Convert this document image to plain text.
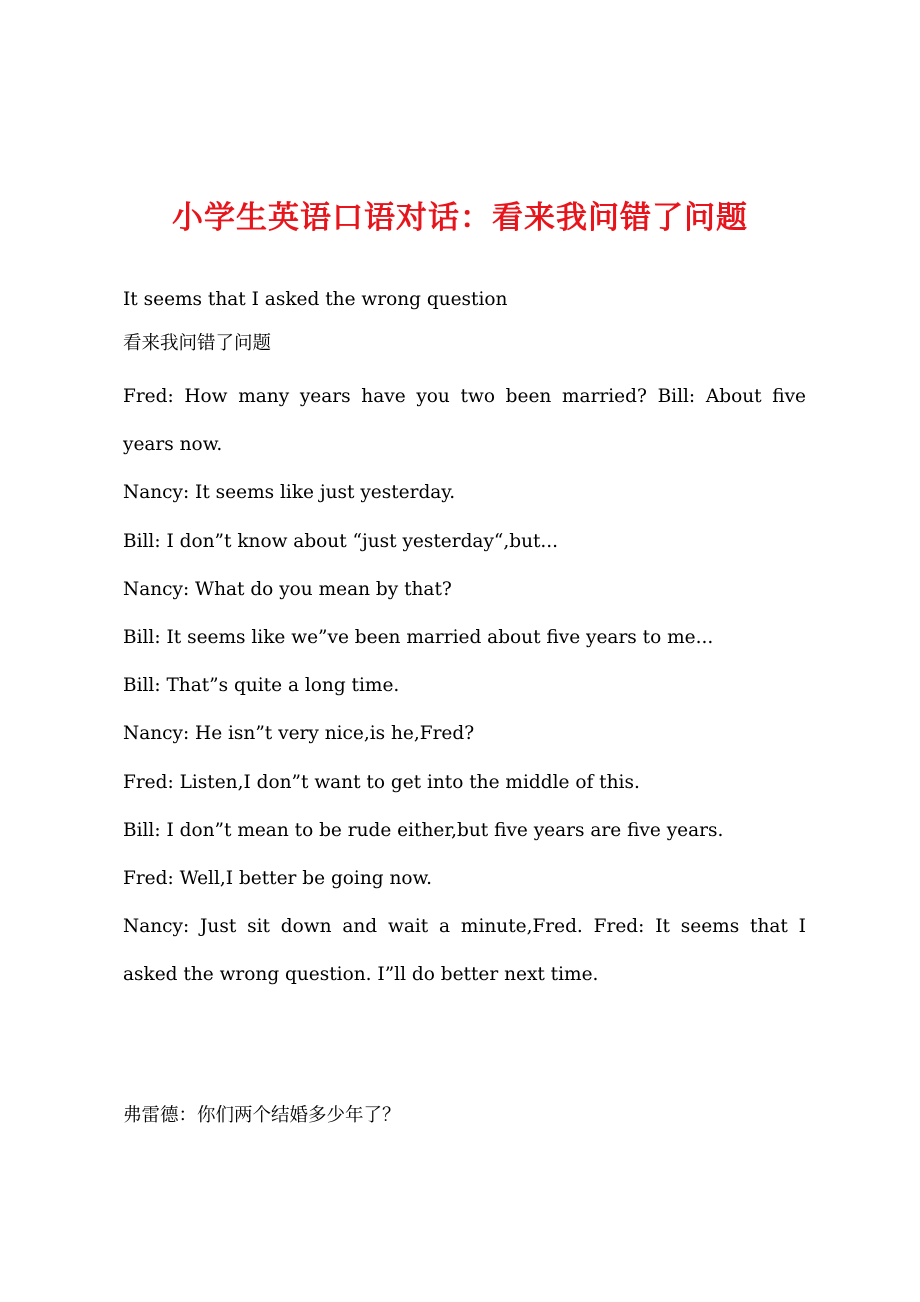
小学生英语口语对话：看来我问错了问题

It seems that I asked the wrong question

看来我问错了问题

Fred: How many years have you two been married? Bill: About five years now.

Nancy: It seems like just yesterday.

Bill: I don”t know about “just yesterday“,but...

Nancy: What do you mean by that?

Bill: It seems like we”ve been married about five years to me...

Bill: That”s quite a long time.

Nancy: He isn”t very nice,is he,Fred?

Fred: Listen,I don”t want to get into the middle of this.

Bill: I don”t mean to be rude either,but five years are five years.

Fred: Well,I better be going now.

Nancy: Just sit down and wait a minute,Fred. Fred: It seems that I asked the wrong question. I”ll do better next time.

弗雷德：你们两个结婚多少年了？
